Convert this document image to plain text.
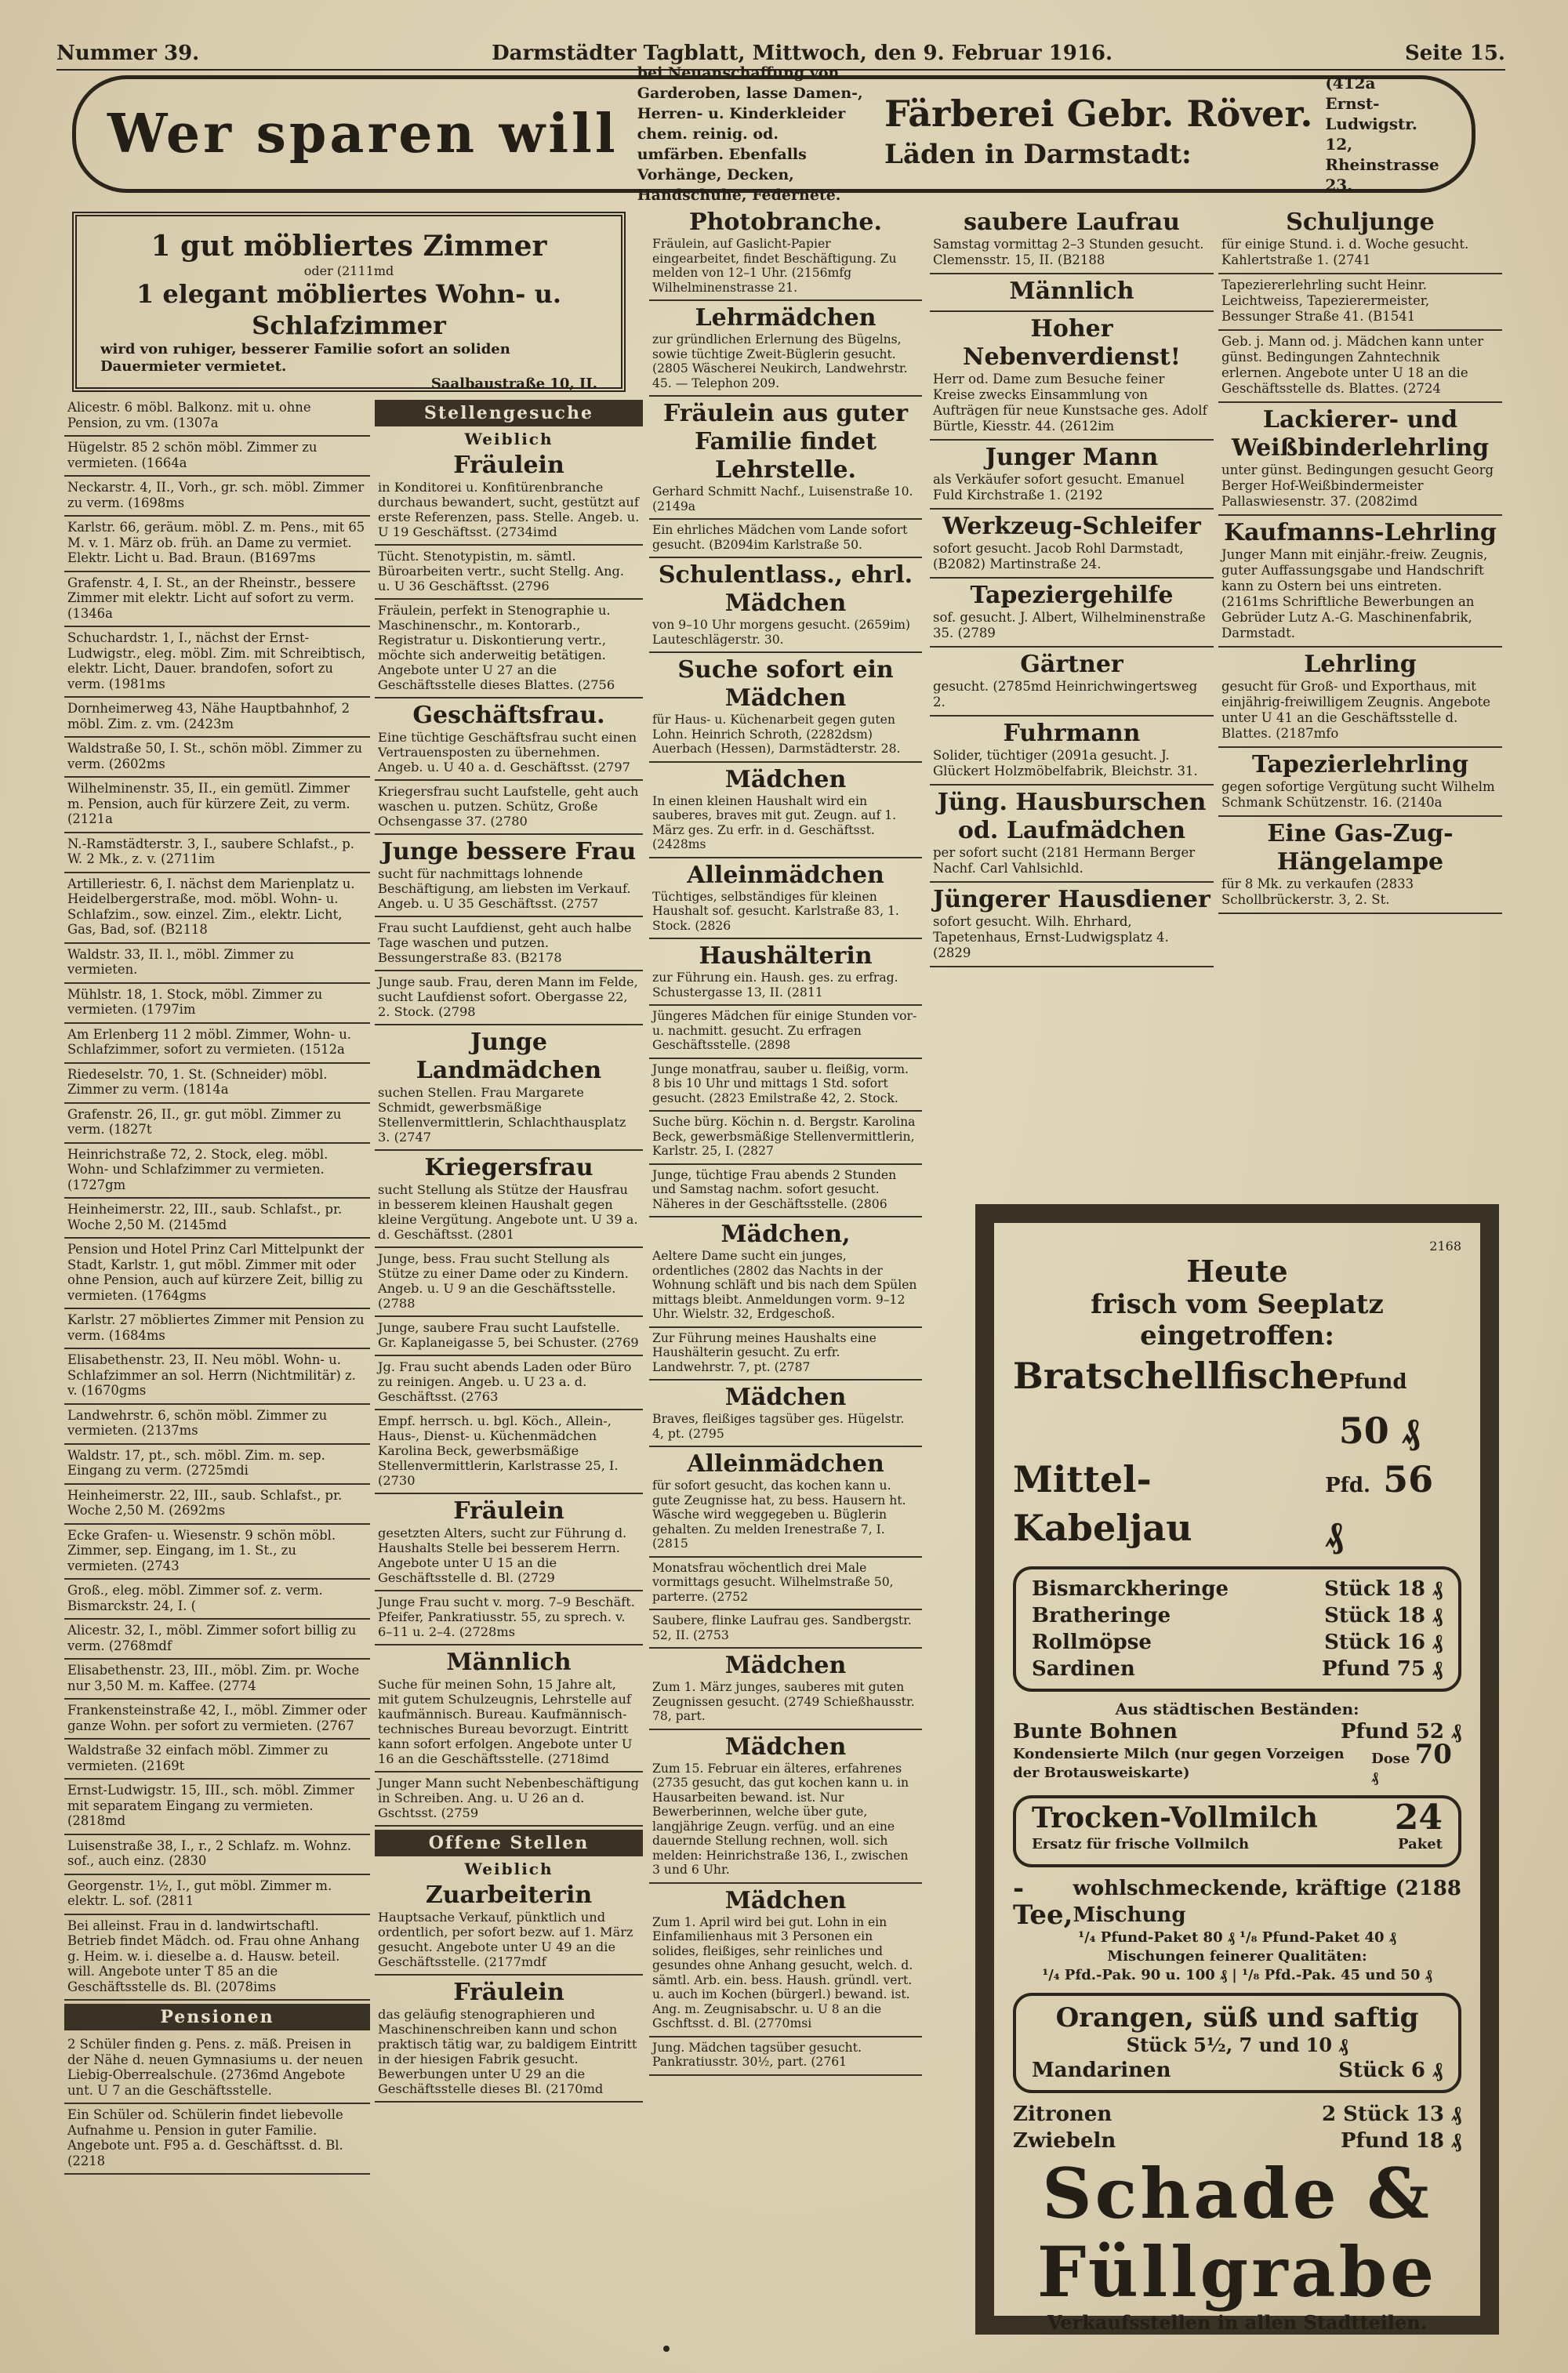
Nummer 39.	Darmstädter Tagblatt, Mittwoch, den 9. Februar 1916.	Seite 15.
Wer sparen will
bei Neuanschaffung von Garderoben, lasse Damen-, Herren- u. Kinderkleider chem. reinig. od. umfärben. Ebenfalls Vorhänge, Decken, Handschuhe, Federnete.
Färberei Gebr. Röver.
Läden in Darmstadt:
(412a
Ernst-Ludwigstr. 12,
Rheinstrasse 23.
1 gut möbliertes Zimmer
oder (2111md
1 elegant möbliertes Wohn- u. Schlafzimmer
wird von ruhiger, besserer Familie sofort an soliden Dauermieter vermietet.
Saalbaustraße 10, II.
Alicestr. 6 möbl. Balkonz. mit u. ohne Pension, zu vm. (1307a
Hügelstr. 85 2 schön möbl. Zimmer zu vermieten. (1664a
Neckarstr. 4, II., Vorh., gr. sch. möbl. Zimmer zu verm. (1698ms
Karlstr. 66, geräum. möbl. Z. m. Pens., mit 65 M. v. 1. März ob. früh. an Dame zu vermiet. Elektr. Licht u. Bad. Braun. (B1697ms
Grafenstr. 4, I. St., an der Rheinstr., bessere Zimmer mit elektr. Licht auf sofort zu verm. (1346a
Schuchardstr. 1, I., nächst der Ernst-Ludwigstr., eleg. möbl. Zim. mit Schreibtisch, elektr. Licht, Dauer. brandofen, sofort zu verm. (1981ms
Dornheimerweg 43, Nähe Hauptbahnhof, 2 möbl. Zim. z. vm. (2423m
Waldstraße 50, I. St., schön möbl. Zimmer zu verm. (2602ms
Wilhelminenstr. 35, II., ein gemütl. Zimmer m. Pension, auch für kürzere Zeit, zu verm. (2121a
N.-Ramstädterstr. 3, I., saubere Schlafst., p. W. 2 Mk., z. v. (2711im
Artilleriestr. 6, I. nächst dem Marienplatz u. Heidelbergerstraße, mod. möbl. Wohn- u. Schlafzim., sow. einzel. Zim., elektr. Licht, Gas, Bad, sof. (B2118
Waldstr. 33, II. l., möbl. Zimmer zu vermieten.
Mühlstr. 18, 1. Stock, möbl. Zimmer zu vermieten. (1797im
Am Erlenberg 11 2 möbl. Zimmer, Wohn- u. Schlafzimmer, sofort zu vermieten. (1512a
Riedeselstr. 70, 1. St. (Schneider) möbl. Zimmer zu verm. (1814a
Grafenstr. 26, II., gr. gut möbl. Zimmer zu verm. (1827t
Heinrichstraße 72, 2. Stock, eleg. möbl. Wohn- und Schlafzimmer zu vermieten. (1727gm
Heinheimerstr. 22, III., saub. Schlafst., pr. Woche 2,50 M. (2145md
Pension und Hotel Prinz Carl Mittelpunkt der Stadt, Karlstr. 1, gut möbl. Zimmer mit oder ohne Pension, auch auf kürzere Zeit, billig zu vermieten. (1764gms
Karlstr. 27 möbliertes Zimmer mit Pension zu verm. (1684ms
Elisabethenstr. 23, II. Neu möbl. Wohn- u. Schlafzimmer an sol. Herrn (Nichtmilitär) z. v. (1670gms
Landwehrstr. 6, schön möbl. Zimmer zu vermieten. (2137ms
Waldstr. 17, pt., sch. möbl. Zim. m. sep. Eingang zu verm. (2725mdi
Heinheimerstr. 22, III., saub. Schlafst., pr. Woche 2,50 M. (2692ms
Ecke Grafen- u. Wiesenstr. 9 schön möbl. Zimmer, sep. Eingang, im 1. St., zu vermieten. (2743
Groß., eleg. möbl. Zimmer sof. z. verm. Bismarckstr. 24, I. (
Alicestr. 32, I., möbl. Zimmer sofort billig zu verm. (2768mdf
Elisabethenstr. 23, III., möbl. Zim. pr. Woche nur 3,50 M. m. Kaffee. (2774
Frankensteinstraße 42, I., möbl. Zimmer oder ganze Wohn. per sofort zu vermieten. (2767
Waldstraße 32 einfach möbl. Zimmer zu vermieten. (2169t
Ernst-Ludwigstr. 15, III., sch. möbl. Zimmer mit separatem Eingang zu vermieten. (2818md
Luisenstraße 38, I., r., 2 Schlafz. m. Wohnz. sof., auch einz. (2830
Georgenstr. 1½, I., gut möbl. Zimmer m. elektr. L. sof. (2811
Bei alleinst. Frau in d. landwirtschaftl. Betrieb findet Mädch. od. Frau ohne Anhang g. Heim. w. i. dieselbe a. d. Hausw. beteil. will. Angebote unter T 85 an die Geschäftsstelle ds. Bl. (2078ims
Pensionen
2 Schüler finden g. Pens. z. mäß. Preisen in der Nähe d. neuen Gymnasiums u. der neuen Liebig-Oberrealschule. (2736md Angebote unt. U 7 an die Geschäftsstelle.
Ein Schüler od. Schülerin findet liebevolle Aufnahme u. Pension in guter Familie. Angebote unt. F95 a. d. Geschäftsst. d. Bl. (2218
Stellengesuche
Weiblich
Fräulein
in Konditorei u. Konfitürenbranche durchaus bewandert, sucht, gestützt auf erste Referenzen, pass. Stelle. Angeb. u. U 19 Geschäftsst. (2734imd
Tücht. Stenotypistin, m. sämtl. Büroarbeiten vertr., sucht Stellg. Ang. u. U 36 Geschäftsst. (2796
Fräulein, perfekt in Stenographie u. Maschinenschr., m. Kontorarb., Registratur u. Diskontierung vertr., möchte sich anderweitig betätigen. Angebote unter U 27 an die Geschäftsstelle dieses Blattes. (2756
Geschäftsfrau.
Eine tüchtige Geschäftsfrau sucht einen Vertrauensposten zu übernehmen. Angeb. u. U 40 a. d. Geschäftsst. (2797
Kriegersfrau sucht Laufstelle, geht auch waschen u. putzen. Schütz, Große Ochsengasse 37. (2780
Junge bessere Frau
sucht für nachmittags lohnende Beschäftigung, am liebsten im Verkauf. Angeb. u. U 35 Geschäftsst. (2757
Frau sucht Laufdienst, geht auch halbe Tage waschen und putzen. Bessungerstraße 83. (B2178
Junge saub. Frau, deren Mann im Felde, sucht Laufdienst sofort. Obergasse 22, 2. Stock. (2798
Junge Landmädchen
suchen Stellen. Frau Margarete Schmidt, gewerbsmäßige Stellenvermittlerin, Schlachthausplatz 3. (2747
Kriegersfrau
sucht Stellung als Stütze der Hausfrau in besserem kleinen Haushalt gegen kleine Vergütung. Angebote unt. U 39 a. d. Geschäftsst. (2801
Junge, bess. Frau sucht Stellung als Stütze zu einer Dame oder zu Kindern. Angeb. u. U 9 an die Geschäftsstelle. (2788
Junge, saubere Frau sucht Laufstelle. Gr. Kaplaneigasse 5, bei Schuster. (2769
Jg. Frau sucht abends Laden oder Büro zu reinigen. Angeb. u. U 23 a. d. Geschäftsst. (2763
Empf. herrsch. u. bgl. Köch., Allein-, Haus-, Dienst- u. Küchenmädchen Karolina Beck, gewerbsmäßige Stellenvermittlerin, Karlstrasse 25, I. (2730
Fräulein
gesetzten Alters, sucht zur Führung d. Haushalts Stelle bei besserem Herrn. Angebote unter U 15 an die Geschäftsstelle d. Bl. (2729
Junge Frau sucht v. morg. 7–9 Beschäft. Pfeifer, Pankratiusstr. 55, zu sprech. v. 6–11 u. 2–4. (2728ms
Männlich
Suche für meinen Sohn, 15 Jahre alt, mit gutem Schulzeugnis, Lehrstelle auf kaufmännisch. Bureau. Kaufmännisch-technisches Bureau bevorzugt. Eintritt kann sofort erfolgen. Angebote unter U 16 an die Geschäftsstelle. (2718imd
Junger Mann sucht Nebenbeschäftigung in Schreiben. Ang. u. U 26 an d. Gschtsst. (2759
Offene Stellen
Weiblich
Zuarbeiterin
Hauptsache Verkauf, pünktlich und ordentlich, per sofort bezw. auf 1. März gesucht. Angebote unter U 49 an die Geschäftsstelle. (2177mdf
Fräulein
das geläufig stenographieren und Maschinenschreiben kann und schon praktisch tätig war, zu baldigem Eintritt in der hiesigen Fabrik gesucht. Bewerbungen unter U 29 an die Geschäftsstelle dieses Bl. (2170md
Photobranche.
Fräulein, auf Gaslicht-Papier eingearbeitet, findet Beschäftigung. Zu melden von 12–1 Uhr. (2156mfg Wilhelminenstrasse 21.
Lehrmädchen
zur gründlichen Erlernung des Bügelns, sowie tüchtige Zweit-Büglerin gesucht. (2805 Wäscherei Neukirch, Landwehrstr. 45. — Telephon 209.
Fräulein aus guter Familie findet Lehrstelle.
Gerhard Schmitt Nachf., Luisenstraße 10. (2149a
Ein ehrliches Mädchen vom Lande sofort gesucht. (B2094im Karlstraße 50.
Schulentlass., ehrl. Mädchen
von 9–10 Uhr morgens gesucht. (2659im) Lauteschlägerstr. 30.
Suche sofort ein Mädchen
für Haus- u. Küchenarbeit gegen guten Lohn. Heinrich Schroth, (2282dsm) Auerbach (Hessen), Darmstädterstr. 28.
Mädchen
In einen kleinen Haushalt wird ein sauberes, braves mit gut. Zeugn. auf 1. März ges. Zu erfr. in d. Geschäftsst. (2428ms
Alleinmädchen
Tüchtiges, selbständiges für kleinen Haushalt sof. gesucht. Karlstraße 83, 1. Stock. (2826
Haushälterin
zur Führung ein. Haush. ges. zu erfrag. Schustergasse 13, II. (2811
Jüngeres Mädchen für einige Stunden vor- u. nachmitt. gesucht. Zu erfragen Geschäftsstelle. (2898
Junge monatfrau, sauber u. fleißig, vorm. 8 bis 10 Uhr und mittags 1 Std. sofort gesucht. (2823 Emilstraße 42, 2. Stock.
Suche bürg. Köchin n. d. Bergstr. Karolina Beck, gewerbsmäßige Stellenvermittlerin, Karlstr. 25, I. (2827
Junge, tüchtige Frau abends 2 Stunden und Samstag nachm. sofort gesucht. Näheres in der Geschäftsstelle. (2806
Mädchen,
Aeltere Dame sucht ein junges, ordentliches (2802 das Nachts in der Wohnung schläft und bis nach dem Spülen mittags bleibt. Anmeldungen vorm. 9–12 Uhr. Wielstr. 32, Erdgeschoß.
Zur Führung meines Haushalts eine Haushälterin gesucht. Zu erfr. Landwehrstr. 7, pt. (2787
Mädchen
Braves, fleißiges tagsüber ges. Hügelstr. 4, pt. (2795
Alleinmädchen
für sofort gesucht, das kochen kann u. gute Zeugnisse hat, zu bess. Hausern ht. Wäsche wird weggegeben u. Büglerin gehalten. Zu melden Irenestraße 7, I. (2815
Monatsfrau wöchentlich drei Male vormittags gesucht. Wilhelmstraße 50, parterre. (2752
Saubere, flinke Laufrau ges. Sandbergstr. 52, II. (2753
Mädchen
Zum 1. März junges, sauberes mit guten Zeugnissen gesucht. (2749 Schießhausstr. 78, part.
Mädchen
Zum 15. Februar ein älteres, erfahrenes (2735 gesucht, das gut kochen kann u. in Hausarbeiten bewand. ist. Nur Bewerberinnen, welche über gute, langjährige Zeugn. verfüg. und an eine dauernde Stellung rechnen, woll. sich melden: Heinrichstraße 136, I., zwischen 3 und 6 Uhr.
Mädchen
Zum 1. April wird bei gut. Lohn in ein Einfamilienhaus mit 3 Personen ein solides, fleißiges, sehr reinliches und gesundes ohne Anhang gesucht, welch. d. sämtl. Arb. ein. bess. Haush. gründl. vert. u. auch im Kochen (bürgerl.) bewand. ist. Ang. m. Zeugnisabschr. u. U 8 an die Gschftsst. d. Bl. (2770msi
Jung. Mädchen tagsüber gesucht. Pankratiusstr. 30½, part. (2761
saubere Laufrau
Samstag vormittag 2–3 Stunden gesucht. Clemensstr. 15, II. (B2188
Männlich
Hoher Nebenverdienst!
Herr od. Dame zum Besuche feiner Kreise zwecks Einsammlung von Aufträgen für neue Kunstsache ges. Adolf Bürtle, Kiesstr. 44. (2612im
Junger Mann
als Verkäufer sofort gesucht. Emanuel Fuld Kirchstraße 1. (2192
Werkzeug-Schleifer
sofort gesucht. Jacob Rohl Darmstadt, (B2082) Martinstraße 24.
Tapeziergehilfe
sof. gesucht. J. Albert, Wilhelminenstraße 35. (2789
Gärtner
gesucht. (2785md Heinrichwingertsweg 2.
Fuhrmann
Solider, tüchtiger (2091a gesucht. J. Glückert Holzmöbelfabrik, Bleichstr. 31.
Jüng. Hausburschen od. Laufmädchen
per sofort sucht (2181 Hermann Berger Nachf. Carl Vahlsichld.
Jüngerer Hausdiener
sofort gesucht. Wilh. Ehrhard, Tapetenhaus, Ernst-Ludwigsplatz 4. (2829
Schuljunge
für einige Stund. i. d. Woche gesucht. Kahlertstraße 1. (2741
Tapeziererlehrling sucht Heinr. Leichtweiss, Tapezierermeister, Bessunger Straße 41. (B1541
Geb. j. Mann od. j. Mädchen kann unter günst. Bedingungen Zahntechnik erlernen. Angebote unter U 18 an die Geschäftsstelle ds. Blattes. (2724
Lackierer- und Weißbinderlehrling
unter günst. Bedingungen gesucht Georg Berger Hof-Weißbindermeister Pallaswiesenstr. 37. (2082imd
Kaufmanns-Lehrling
Junger Mann mit einjähr.-freiw. Zeugnis, guter Auffassungsgabe und Handschrift kann zu Ostern bei uns eintreten. (2161ms Schriftliche Bewerbungen an Gebrüder Lutz A.-G. Maschinenfabrik, Darmstadt.
Lehrling
gesucht für Groß- und Exporthaus, mit einjährig-freiwilligem Zeugnis. Angebote unter U 41 an die Geschäftsstelle d. Blattes. (2187mfo
Tapezierlehrling
gegen sofortige Vergütung sucht Wilhelm Schmank Schützenstr. 16. (2140a
Eine Gas-Zug-Hängelampe
für 8 Mk. zu verkaufen (2833 Schollbrückerstr. 3, 2. St.
2168
Heute
frisch vom Seeplatz eingetroffen:
Bratschellfische Pfund 50 ₰
Mittel-Kabeljau
Pfd. 56 ₰
Bismarckheringe	Stück 18 ₰
Bratheringe	Stück 18 ₰
Rollmöpse	Stück 16 ₰
Sardinen	Pfund 75 ₰
Aus städtischen Beständen:
Bunte Bohnen	Pfund 52 ₰
Kondensierte Milch (nur gegen Vorzeigen der Brotausweiskarte)
Dose 70 ₰
Trocken-Vollmilch 24
Ersatz für frische Vollmilch	Paket
-Tee,
wohlschmeckende, kräftige Mischung
(2188
¹/₄ Pfund-Paket 80 ₰ ¹/₈ Pfund-Paket 40 ₰
Mischungen feinerer Qualitäten:
¹/₄ Pfd.-Pak. 90 u. 100 ₰ | ¹/₈ Pfd.-Pak. 45 und 50 ₰
Orangen, süß und saftig
Stück 5½, 7 und 10 ₰
Mandarinen	Stück 6 ₰
Zitronen	2 Stück 13 ₰
Zwiebeln	Pfund 18 ₰
Schade &
Füllgrabe
Verkaufsstellen in allen Stadtteilen.
